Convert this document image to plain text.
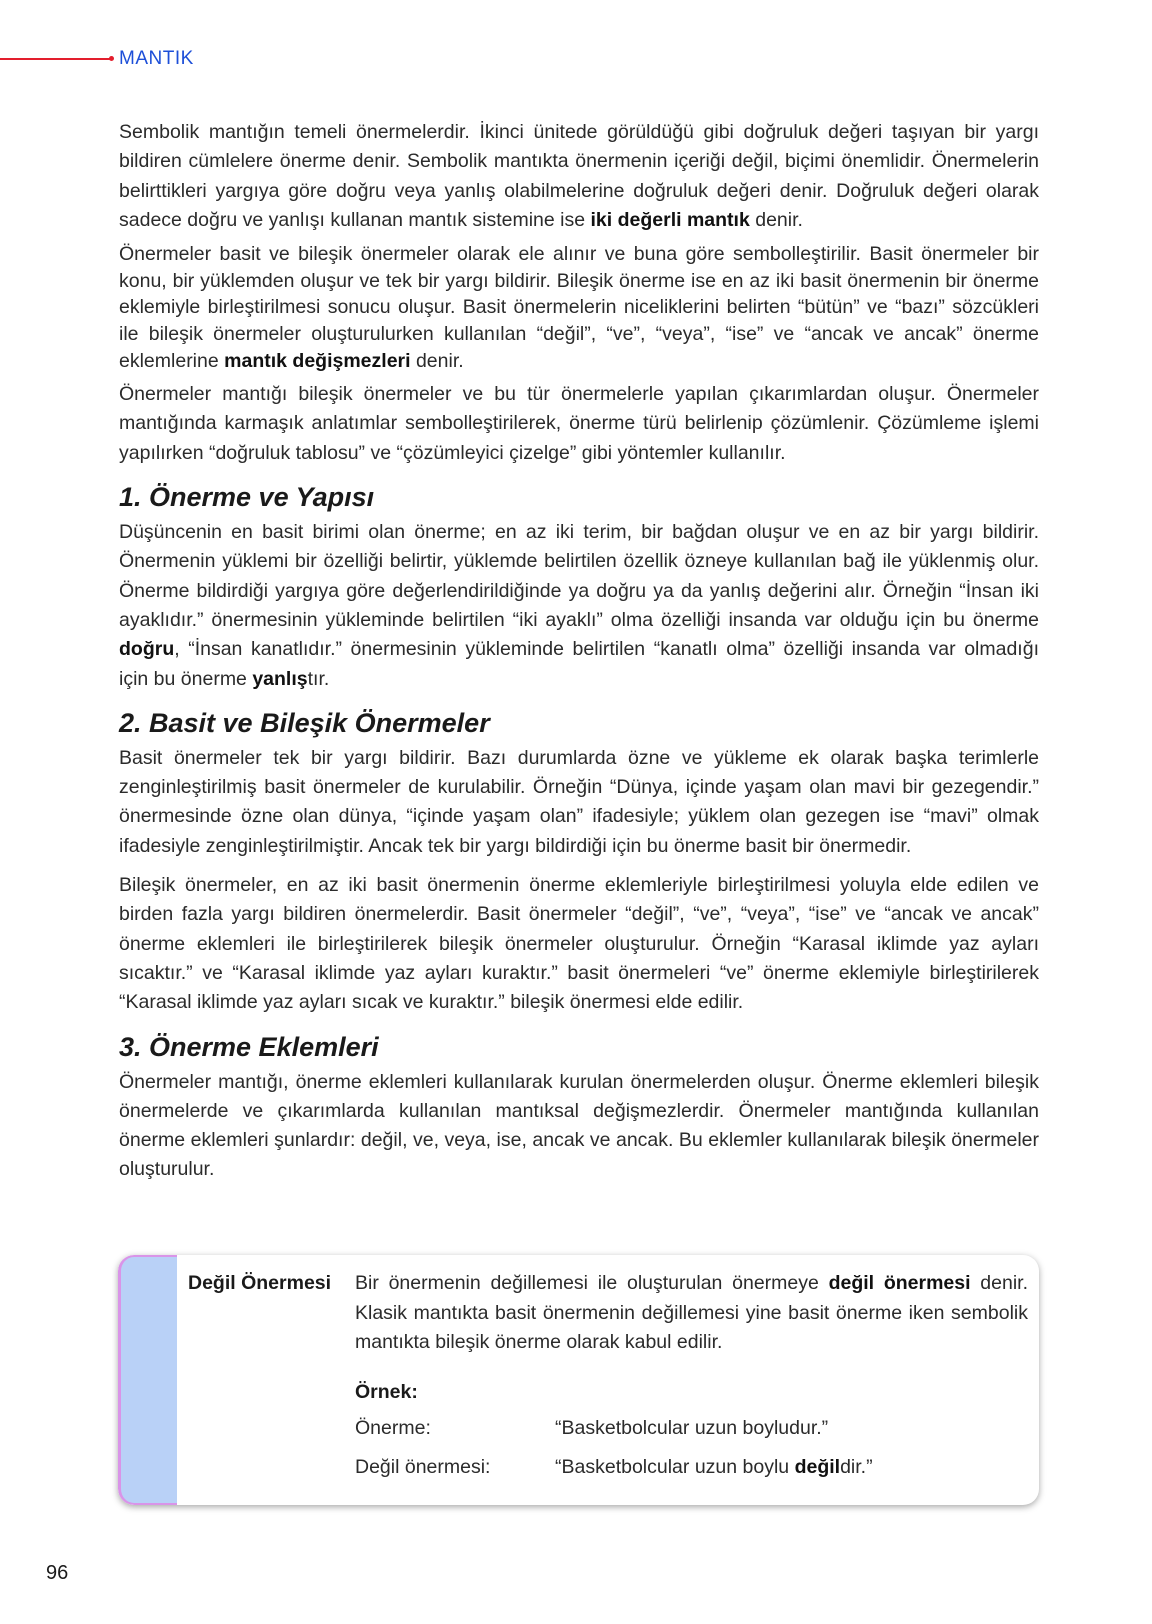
MANTIK

Sembolik mantığın temeli önermelerdir. İkinci ünitede görüldüğü gibi doğruluk değeri taşıyan bir yargı bildiren cümlelere önerme denir. Sembolik mantıkta önermenin içeriği değil, biçimi önemlidir. Önermelerin belirttikleri yargıya göre doğru veya yanlış olabilmelerine doğruluk değeri denir. Doğruluk değeri olarak sadece doğru ve yanlışı kullanan mantık sistemine ise iki değerli mantık denir.

Önermeler basit ve bileşik önermeler olarak ele alınır ve buna göre sembolleştirilir. Basit önermeler bir konu, bir yüklemden oluşur ve tek bir yargı bildirir. Bileşik önerme ise en az iki basit önermenin bir önerme eklemiyle birleştirilmesi sonucu oluşur. Basit önermelerin niceliklerini belirten “bütün” ve “bazı” sözcükleri ile bileşik önermeler oluşturulurken kullanılan “değil”, “ve”, “veya”, “ise” ve “ancak ve ancak” önerme eklemlerine mantık değişmezleri denir.

Önermeler mantığı bileşik önermeler ve bu tür önermelerle yapılan çıkarımlardan oluşur. Önermeler mantığında karmaşık anlatımlar sembolleştirilerek, önerme türü belirlenip çözümlenir. Çözümleme işlemi yapılırken “doğruluk tablosu” ve “çözümleyici çizelge” gibi yöntemler kullanılır.

1. Önerme ve Yapısı

Düşüncenin en basit birimi olan önerme; en az iki terim, bir bağdan oluşur ve en az bir yargı bildirir. Önermenin yüklemi bir özelliği belirtir, yüklemde belirtilen özellik özneye kullanılan bağ ile yüklenmiş olur. Önerme bildirdiği yargıya göre değerlendirildiğinde ya doğru ya da yanlış değerini alır. Örneğin “İnsan iki ayaklıdır.” önermesinin yükleminde belirtilen “iki ayaklı” olma özelliği insanda var olduğu için bu önerme doğru, “İnsan kanatlıdır.” önermesinin yükleminde belirtilen “kanatlı olma” özelliği insanda var olmadığı için bu önerme yanlıştır.

2. Basit ve Bileşik Önermeler

Basit önermeler tek bir yargı bildirir. Bazı durumlarda özne ve yükleme ek olarak başka terimlerle zenginleştirilmiş basit önermeler de kurulabilir. Örneğin “Dünya, içinde yaşam olan mavi bir gezegendir.” önermesinde özne olan dünya, “içinde yaşam olan” ifadesiyle; yüklem olan gezegen ise “mavi” olmak ifadesiyle zenginleştirilmiştir. Ancak tek bir yargı bildirdiği için bu önerme basit bir önermedir.

Bileşik önermeler, en az iki basit önermenin önerme eklemleriyle birleştirilmesi yoluyla elde edilen ve birden fazla yargı bildiren önermelerdir. Basit önermeler “değil”, “ve”, “veya”, “ise” ve “ancak ve ancak” önerme eklemleri ile birleştirilerek bileşik önermeler oluşturulur. Örneğin “Karasal iklimde yaz ayları sıcaktır.” ve “Karasal iklimde yaz ayları kuraktır.” basit önermeleri “ve” önerme eklemiyle birleştirilerek “Karasal iklimde yaz ayları sıcak ve kuraktır.” bileşik önermesi elde edilir.

3. Önerme Eklemleri

Önermeler mantığı, önerme eklemleri kullanılarak kurulan önermelerden oluşur. Önerme eklemleri bileşik önermelerde ve çıkarımlarda kullanılan mantıksal değişmezlerdir. Önermeler mantığında kullanılan önerme eklemleri şunlardır: değil, ve, veya, ise, ancak ve ancak. Bu eklemler kullanılarak bileşik önermeler oluşturulur.

Değil Önermesi Bir önermenin değillemesi ile oluşturulan önermeye değil önermesi denir. Klasik mantıkta basit önermenin değillemesi yine basit önerme iken sembolik mantıkta bileşik önerme olarak kabul edilir.
Örnek:
Önerme:	“Basketbolcular uzun boyludur.”
Değil önermesi:	“Basketbolcular uzun boylu değildir.”
96
